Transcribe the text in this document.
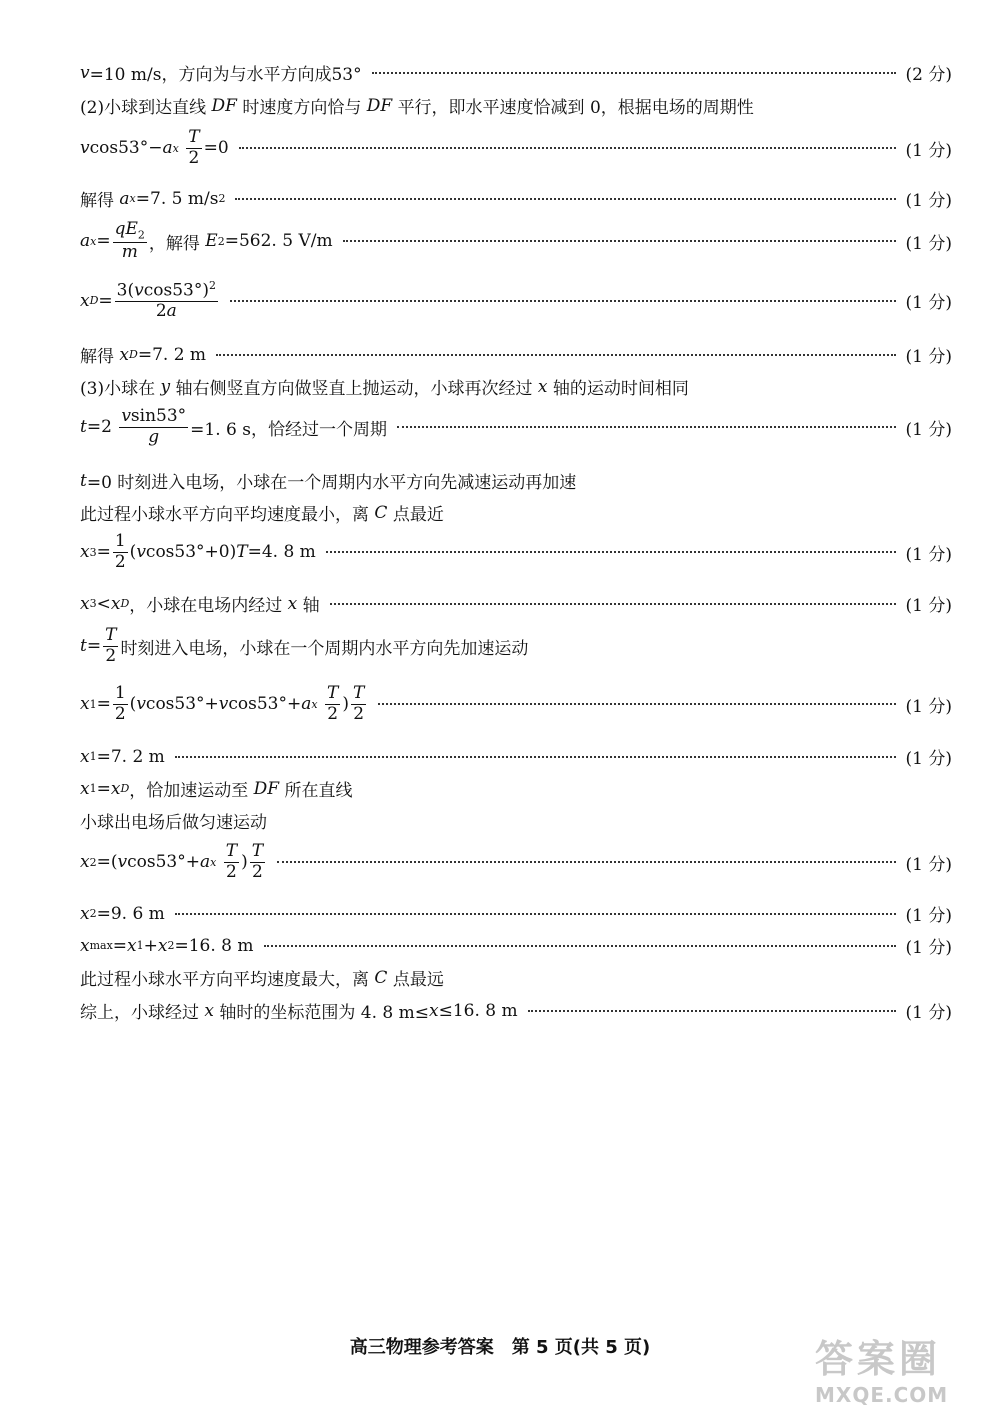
v =10 m/s，方向为与水平方向成53°	(2 分)
(2)小球到达直线 DF 时速度方向恰与 DF 平行，即水平速度恰减到 0，根据电场的周期性
v cos53°− a x
$\frac{T}{2} =0$	(1 分)
解得 a x =7. 5 m/s 2	(1 分)
a $x = \frac{qE_2}{m}$ ，解得 E 2 =562. 5 V/m	(1 分)
x $D = \frac{3(vcos53^\circ)^2}{2a}$	(1 分)
解得 x D =7. 2 m	(1 分)
(3)小球在 y 轴右侧竖直方向做竖直上抛运动，小球再次经过 x 轴的运动时间相同
$t =2 \frac{vsin53^\circ}{g} =1$. 6 s，恰经过一个周期	(1 分)
t =0 时刻进入电场，小球在一个周期内水平方向先减速运动再加速
此过程小球水平方向平均速度最小，离 C 点最近
x $3 = \frac{1}{2}$ ( v cos53°+0) T =4. 8 m	(1 分)
x 3 < x D ，小球在电场内经过 x 轴	(1 分)
$t = \frac{T}{2}$ 时刻进入电场，小球在一个周期内水平方向先加速运动
x $1 = \frac{1}{2}$ ( v cos53°+ v cos53°+ a x
$\frac{T}{2}$ ) $\frac{T}{2}$	(1 分)
x 1 =7. 2 m	(1 分)
x 1 = x D ，恰加速运动至 DF 所在直线
小球出电场后做匀速运动
x 2 =( v cos53°+ a x
$\frac{T}{2}$ ) $\frac{T}{2}$	(1 分)
x 2 =9. 6 m	(1 分)
x max = x 1 + x 2 =16. 8 m	(1 分)
此过程小球水平方向平均速度最大，离 C 点最远
综上，小球经过 x 轴时的坐标范围为 4. 8 m≤ x ≤16. 8 m	(1 分)
高三物理参考答案　第 5 页(共 5 页)	答案圈
MXQE.COM
